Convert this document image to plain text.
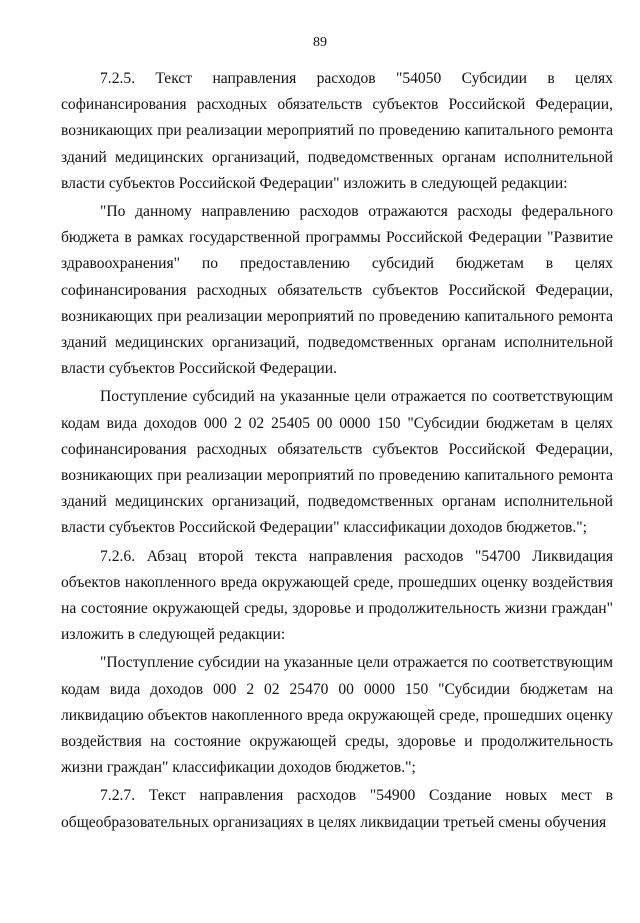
89

7.2.5. Текст направления расходов "54050 Субсидии в целях софинансирования расходных обязательств субъектов Российской Федерации, возникающих при реализации мероприятий по проведению капитального ремонта зданий медицинских организаций, подведомственных органам исполнительной власти субъектов Российской Федерации" изложить в следующей редакции:

"По данному направлению расходов отражаются расходы федерального бюджета в рамках государственной программы Российской Федерации "Развитие здравоохранения" по предоставлению субсидий бюджетам в целях софинансирования расходных обязательств субъектов Российской Федерации, возникающих при реализации мероприятий по проведению капитального ремонта зданий медицинских организаций, подведомственных органам исполнительной власти субъектов Российской Федерации.

Поступление субсидий на указанные цели отражается по соответствующим кодам вида доходов 000 2 02 25405 00 0000 150 "Субсидии бюджетам в целях софинансирования расходных обязательств субъектов Российской Федерации, возникающих при реализации мероприятий по проведению капитального ремонта зданий медицинских организаций, подведомственных органам исполнительной власти субъектов Российской Федерации" классификации доходов бюджетов.";

7.2.6. Абзац второй текста направления расходов "54700 Ликвидация объектов накопленного вреда окружающей среде, прошедших оценку воздействия на состояние окружающей среды, здоровье и продолжительность жизни граждан" изложить в следующей редакции:

"Поступление субсидии на указанные цели отражается по соответствующим кодам вида доходов 000 2 02 25470 00 0000 150 "Субсидии бюджетам на ликвидацию объектов накопленного вреда окружающей среде, прошедших оценку воздействия на состояние окружающей среды, здоровье и продолжительность жизни граждан" классификации доходов бюджетов.";

7.2.7. Текст направления расходов "54900 Создание новых мест в общеобразовательных организациях в целях ликвидации третьей смены обучения
